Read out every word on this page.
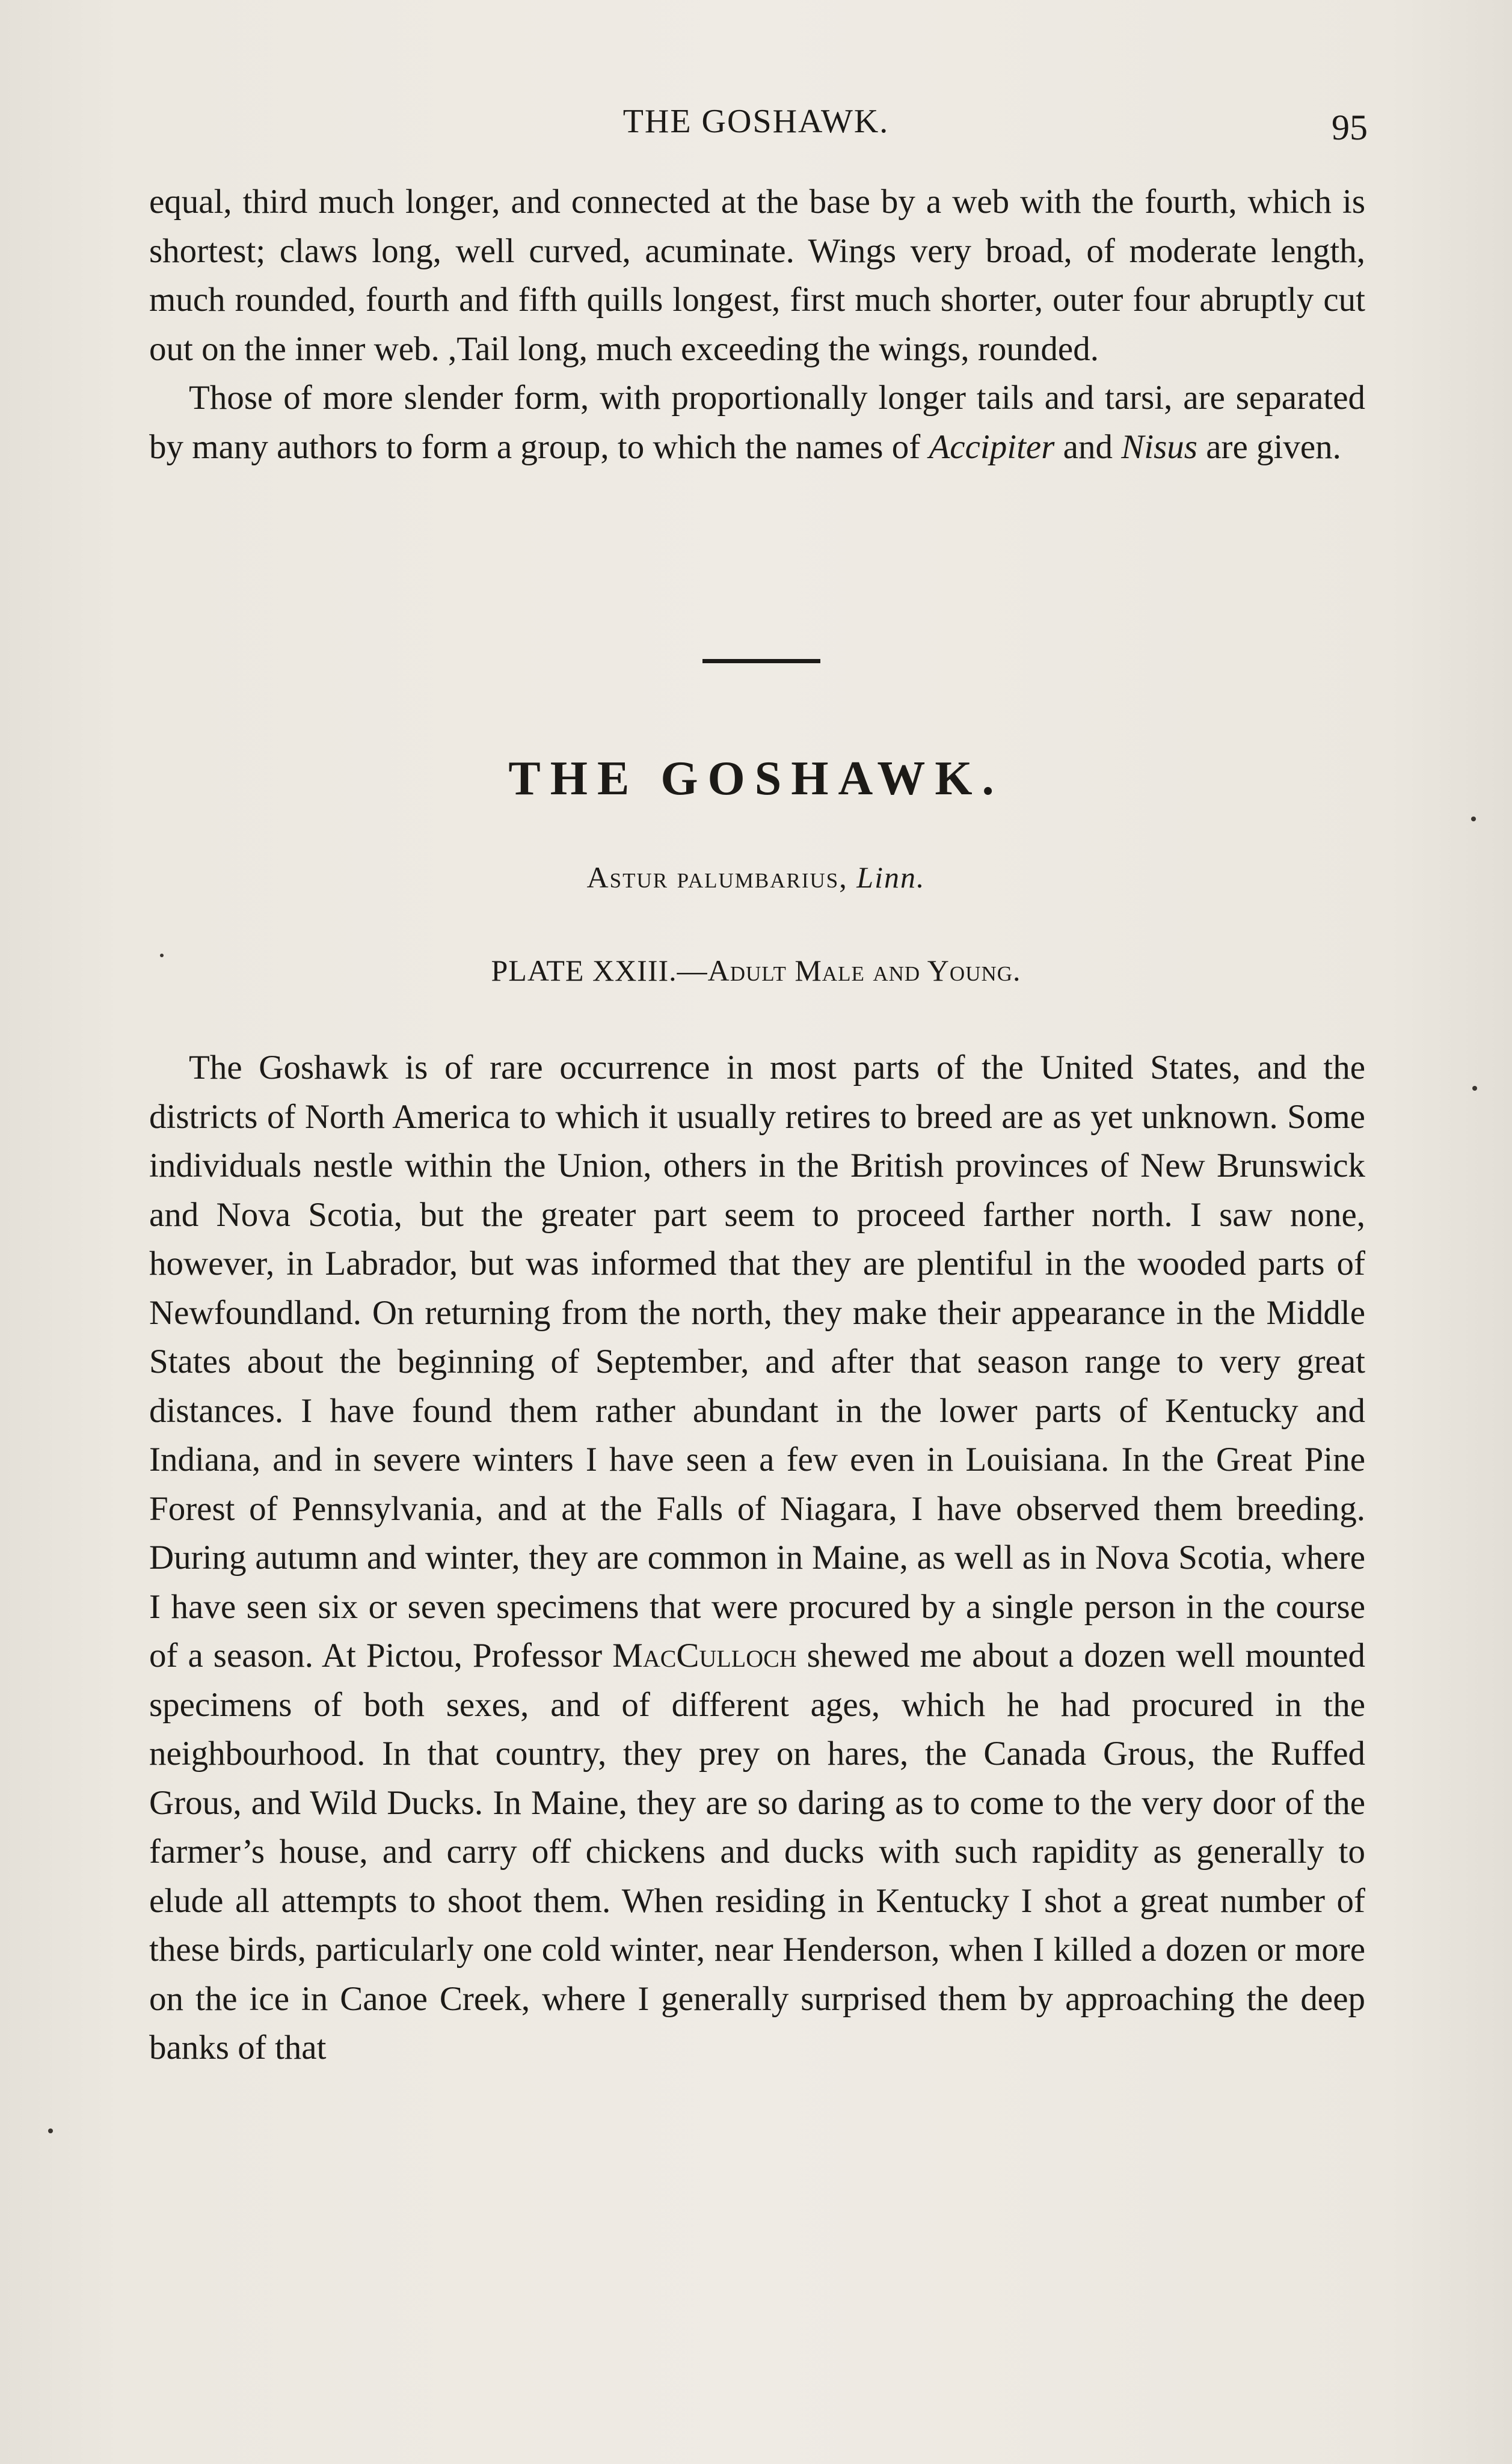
THE GOSHAWK.	95

equal, third much longer, and connected at the base by a web with the fourth, which is shortest; claws long, well curved, acuminate. Wings very broad, of moderate length, much rounded, fourth and fifth quills longest, first much shorter, outer four abruptly cut out on the inner web. ,Tail long, much exceeding the wings, rounded.

Those of more slender form, with proportionally longer tails and tarsi, are separated by many authors to form a group, to which the names of Accipiter and Nisus are given.

THE GOSHAWK.
Astur palumbarius, Linn.
PLATE XXIII.—Adult Male and Young.

The Goshawk is of rare occurrence in most parts of the United States, and the districts of North America to which it usually retires to breed are as yet unknown. Some individuals nestle within the Union, others in the British provinces of New Brunswick and Nova Scotia, but the greater part seem to proceed farther north. I saw none, however, in Labrador, but was informed that they are plentiful in the wooded parts of Newfoundland. On returning from the north, they make their appearance in the Middle States about the beginning of September, and after that season range to very great distances. I have found them rather abundant in the lower parts of Kentucky and Indiana, and in severe winters I have seen a few even in Louisiana. In the Great Pine Forest of Pennsylvania, and at the Falls of Niagara, I have observed them breeding. During autumn and winter, they are common in Maine, as well as in Nova Scotia, where I have seen six or seven specimens that were procured by a single person in the course of a season. At Pictou, Professor MacCulloch shewed me about a dozen well mounted specimens of both sexes, and of different ages, which he had procured in the neighbourhood. In that country, they prey on hares, the Canada Grous, the Ruffed Grous, and Wild Ducks. In Maine, they are so daring as to come to the very door of the farmer’s house, and carry off chickens and ducks with such rapidity as generally to elude all attempts to shoot them. When residing in Kentucky I shot a great number of these birds, particularly one cold winter, near Henderson, when I killed a dozen or more on the ice in Canoe Creek, where I generally surprised them by approaching the deep banks of that
